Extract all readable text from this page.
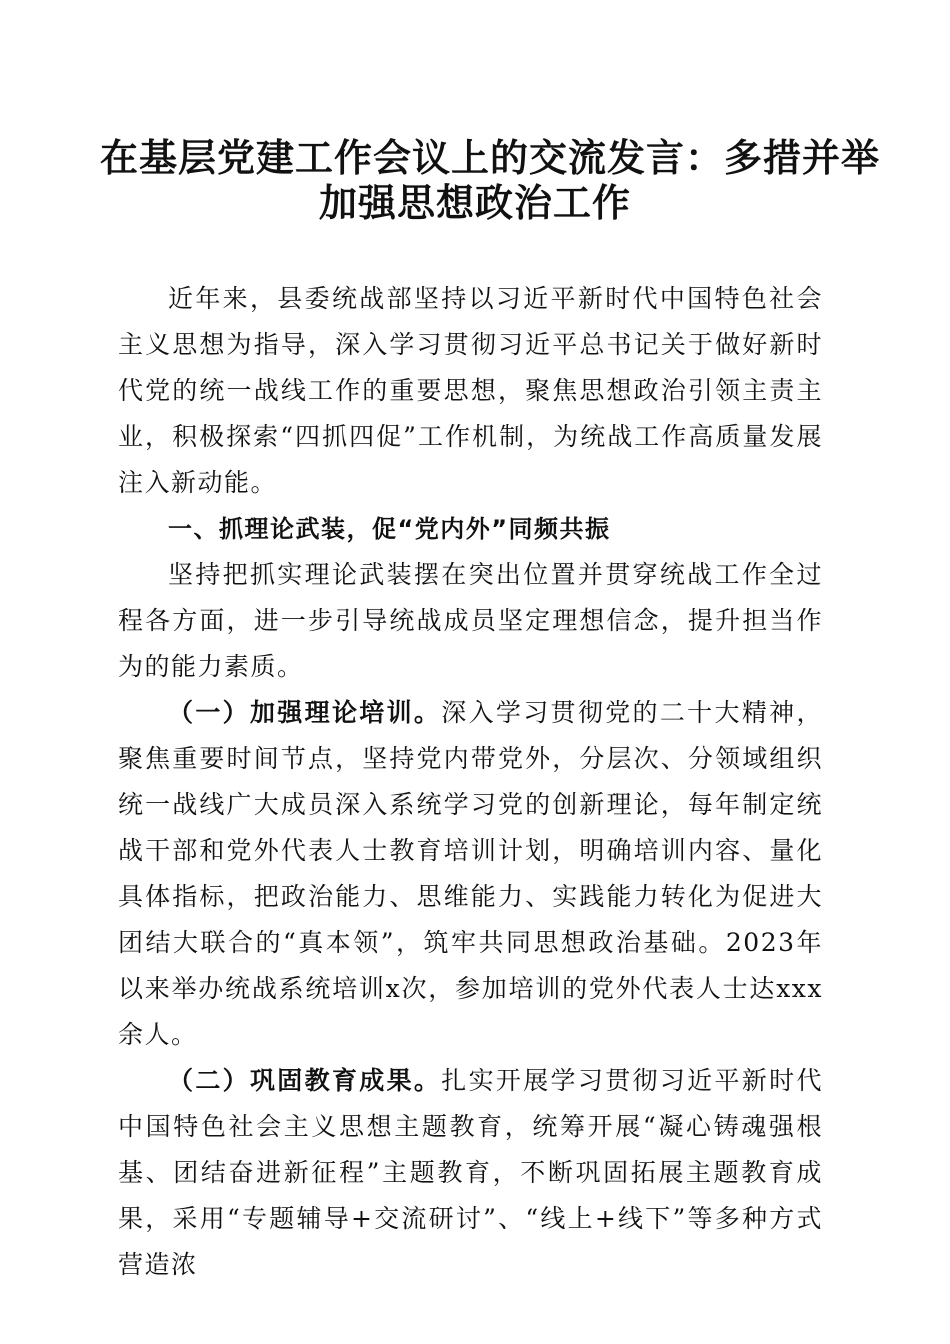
在基层党建工作会议上的交流发言：多措并举
加强思想政治工作

近年来，县委统战部坚持以习近平新时代中国特色社会主义思想为指导，深入学习贯彻习近平总书记关于做好新时代党的统一战线工作的重要思想，聚焦思想政治引领主责主业，积极探索“四抓四促”工作机制，为统战工作高质量发展注入新动能。

一、抓理论武装，促“党内外”同频共振

坚持把抓实理论武装摆在突出位置并贯穿统战工作全过程各方面，进一步引导统战成员坚定理想信念，提升担当作为的能力素质。

（一）加强理论培训。深入学习贯彻党的二十大精神，聚焦重要时间节点，坚持党内带党外，分层次、分领域组织统一战线广大成员深入系统学习党的创新理论，每年制定统战干部和党外代表人士教育培训计划，明确培训内容、量化具体指标，把政治能力、思维能力、实践能力转化为促进大团结大联合的“真本领”，筑牢共同思想政治基础。2023年以来举办统战系统培训x次，参加培训的党外代表人士达xxx余人。

（二）巩固教育成果。扎实开展学习贯彻习近平新时代中国特色社会主义思想主题教育，统筹开展“凝心铸魂强根基、团结奋进新征程”主题教育，不断巩固拓展主题教育成果，采用“专题辅导+交流研讨”、“线上+线下”等多种方式营造浓
